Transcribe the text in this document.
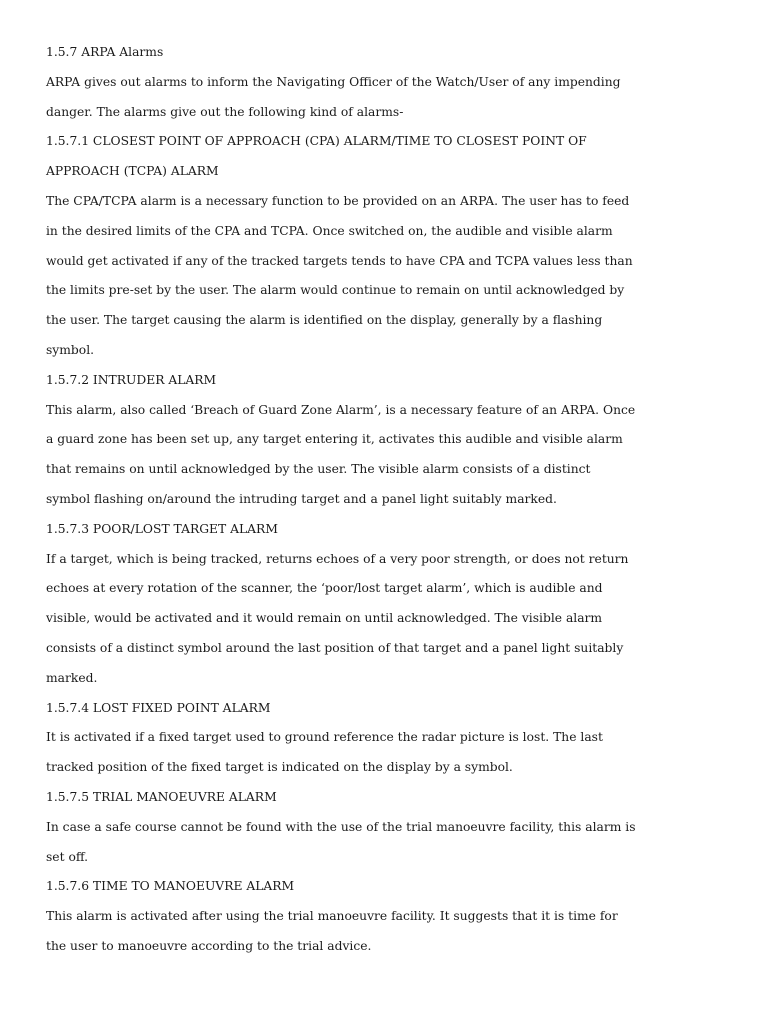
1.5.7 ARPA Alarms

ARPA gives out alarms to inform the Navigating Officer of the Watch/User of any impending danger. The alarms give out the following kind of alarms-

1.5.7.1 CLOSEST POINT OF APPROACH (CPA) ALARM/TIME TO CLOSEST POINT OF APPROACH (TCPA) ALARM

The CPA/TCPA alarm is a necessary function to be provided on an ARPA. The user has to feed in the desired limits of the CPA and TCPA. Once switched on, the audible and visible alarm would get activated if any of the tracked targets tends to have CPA and TCPA values less than the limits pre-set by the user. The alarm would continue to remain on until acknowledged by the user. The target causing the alarm is identified on the display, generally by a flashing symbol.

1.5.7.2 INTRUDER ALARM

This alarm, also called ‘Breach of Guard Zone Alarm’, is a necessary feature of an ARPA. Once a guard zone has been set up, any target entering it, activates this audible and visible alarm that remains on until acknowledged by the user. The visible alarm consists of a distinct symbol flashing on/around the intruding target and a panel light suitably marked.

1.5.7.3 POOR/LOST TARGET ALARM

If a target, which is being tracked, returns echoes of a very poor strength, or does not return echoes at every rotation of the scanner, the ‘poor/lost target alarm’, which is audible and visible, would be activated and it would remain on until acknowledged. The visible alarm consists of a distinct symbol around the last position of that target and a panel light suitably marked.

1.5.7.4 LOST FIXED POINT ALARM

It is activated if a fixed target used to ground reference the radar picture is lost. The last tracked position of the fixed target is indicated on the display by a symbol.

1.5.7.5 TRIAL MANOEUVRE ALARM

In case a safe course cannot be found with the use of the trial manoeuvre facility, this alarm is set off.

1.5.7.6 TIME TO MANOEUVRE ALARM

This alarm is activated after using the trial manoeuvre facility. It suggests that it is time for the user to manoeuvre according to the trial advice.
